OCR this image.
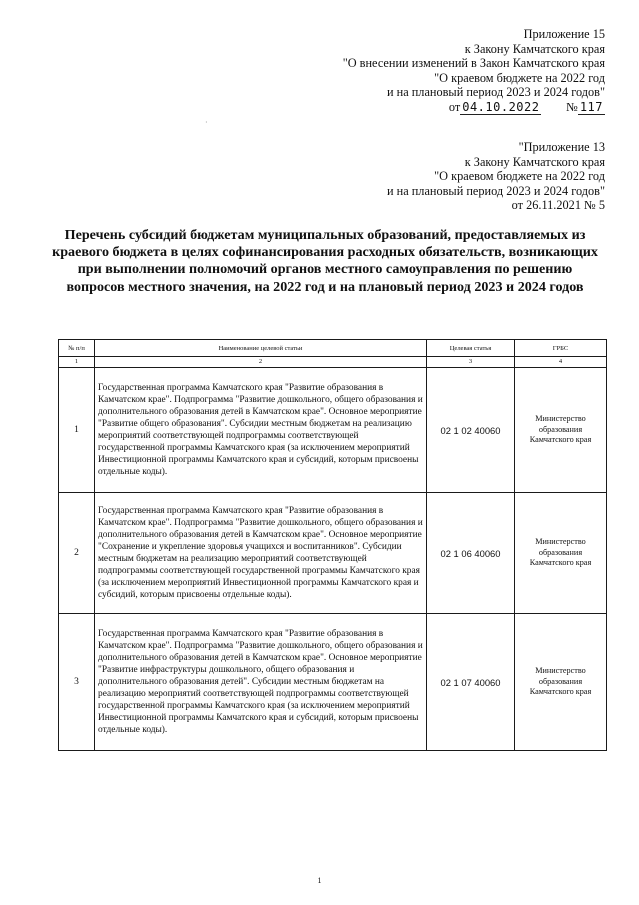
Приложение 15
к Закону Камчатского края
"О внесении изменений в Закон Камчатского края
"О краевом бюджете на 2022 год
и на плановый период 2023 и 2024 годов"
от 04.10.2022 № 117
·
"Приложение 13
к Закону Камчатского края
"О краевом бюджете на 2022 год
и на плановый период 2023 и 2024 годов"
от 26.11.2021 № 5
Перечень субсидий бюджетам муниципальных образований, предоставляемых из краевого бюджета в целях софинансирования расходных обязательств, возникающих при выполнении полномочий органов местного самоуправления по решению вопросов местного значения, на 2022 год и на плановый период 2023 и 2024 годов
№ п/п	Наименование целевой статьи	Целевая статья	ГРБС
1	2	3	4
1	Государственная программа Камчатского края "Развитие образования в Камчатском крае". Подпрограмма "Развитие дошкольного, общего образования и дополнительного образования детей в Камчатском крае". Основное мероприятие "Развитие общего образования". Субсидии местным бюджетам на реализацию мероприятий соответствующей подпрограммы соответствующей государственной программы Камчатского края (за исключением мероприятий Инвестиционной программы Камчатского края и субсидий, которым присвоены отдельные коды).	02 1 02 40060	Министерство образования Камчатского края
2	Государственная программа Камчатского края "Развитие образования в Камчатском крае". Подпрограмма "Развитие дошкольного, общего образования и дополнительного образования детей в Камчатском крае". Основное мероприятие "Сохранение и укрепление здоровья учащихся и воспитанников". Субсидии местным бюджетам на реализацию мероприятий соответствующей подпрограммы соответствующей государственной программы Камчатского края (за исключением мероприятий Инвестиционной программы Камчатского края и субсидий, которым присвоены отдельные коды).	02 1 06 40060	Министерство образования Камчатского края
3	Государственная программа Камчатского края "Развитие образования в Камчатском крае". Подпрограмма "Развитие дошкольного, общего образования и дополнительного образования детей в Камчатском крае". Основное мероприятие "Развитие инфраструктуры дошкольного, общего образования и дополнительного образования детей". Субсидии местным бюджетам на реализацию мероприятий соответствующей подпрограммы соответствующей государственной программы Камчатского края (за исключением мероприятий Инвестиционной программы Камчатского края и субсидий, которым присвоены отдельные коды).	02 1 07 40060	Министерство образования Камчатского края
1
